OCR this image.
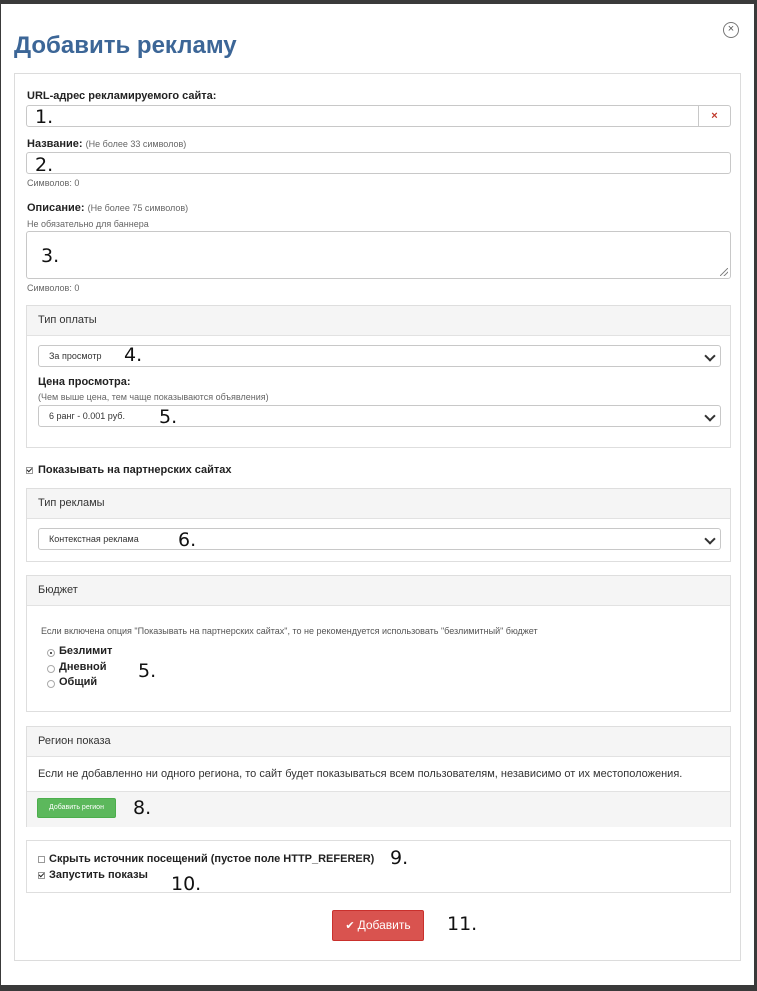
×
Добавить рекламу
URL-адрес рекламируемого сайта:
×
1.
Название: (Не более 33 символов)
2.
Символов: 0
Описание: (Не более 75 символов)
Не обязательно для баннера
3.
Символов: 0
Тип оплаты
За просмотр	4.
Цена просмотра:
(Чем выше цена, тем чаще показываются объявления)
6 ранг - 0.001 руб.	5.
Показывать на партнерских сайтах
Тип рекламы
Контекстная реклама	6.
Бюджет
Если включена опция "Показывать на партнерских сайтах", то не рекомендуется использовать "безлимитный" бюджет
Безлимит
Дневной
Общий 5.
Регион показа
Если не добавленно ни одного региона, то сайт будет показываться всем пользователям, независимо от их местоположения.
Добавить регион	8.
Скрыть источник посещений (пустое поле HTTP_REFERER)
Запустить показы
9.
10.
✔ Добавить	11.
